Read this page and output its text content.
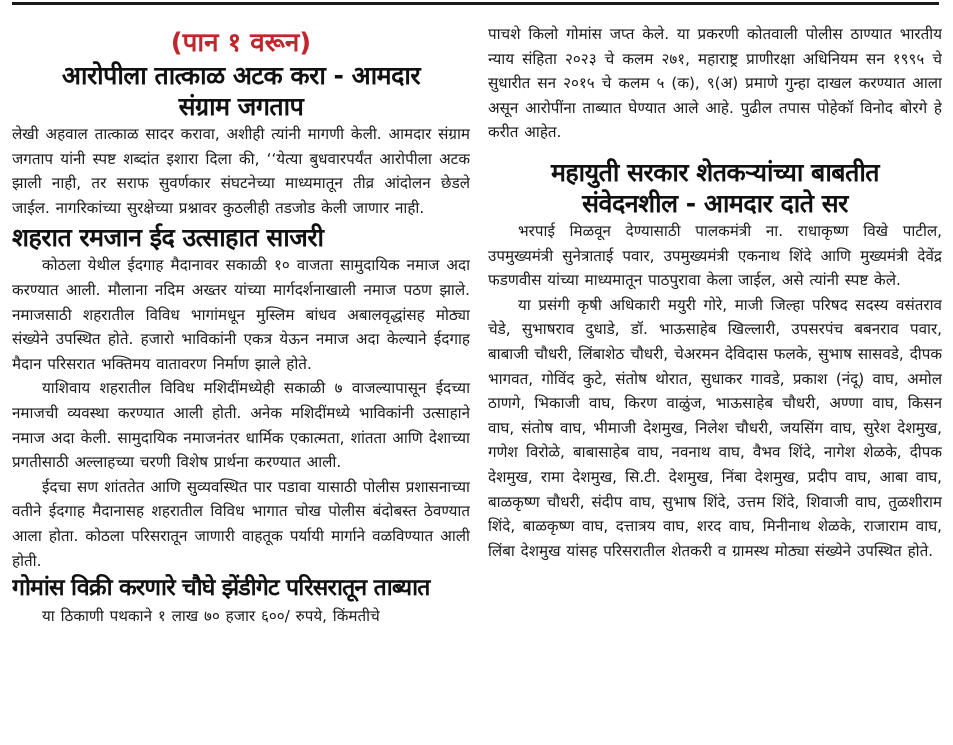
(पान १ वरून)
आरोपीला तात्काळ अटक करा - आमदार
संग्राम जगताप

लेखी अहवाल तात्काळ सादर करावा, अशीही त्यांनी मागणी केली. आमदार संग्राम जगताप यांनी स्पष्ट शब्दांत इशारा दिला की, ‘‘येत्या बुधवारपर्यंत आरोपीला अटक झाली नाही, तर सराफ सुवर्णकार संघटनेच्या माध्यमातून तीव्र आंदोलन छेडले जाईल. नागरिकांच्या सुरक्षेच्या प्रश्नावर कुठलीही तडजोड केली जाणार नाही.

शहरात रमजान ईद उत्साहात साजरी

कोठला येथील ईदगाह मैदानावर सकाळी १० वाजता सामुदायिक नमाज अदा करण्यात आली. मौलाना नदिम अख्तर यांच्या मार्गदर्शनाखाली नमाज पठण झाले. नमाजसाठी शहरातील विविध भागांमधून मुस्लिम बांधव अबालवृद्धांसह मोठ्या संख्येने उपस्थित होते. हजारो भाविकांनी एकत्र येऊन नमाज अदा केल्याने ईदगाह मैदान परिसरात भक्तिमय वातावरण निर्माण झाले होते.

याशिवाय शहरातील विविध मशिदींमध्येही सकाळी ७ वाजल्यापासून ईदच्या नमाजची व्यवस्था करण्यात आली होती. अनेक मशिदींमध्ये भाविकांनी उत्साहाने नमाज अदा केली. सामुदायिक नमाजनंतर धार्मिक एकात्मता, शांतता आणि देशाच्या प्रगतीसाठी अल्लाहच्या चरणी विशेष प्रार्थना करण्यात आली.

ईदचा सण शांततेत आणि सुव्यवस्थित पार पडावा यासाठी पोलीस प्रशासनाच्या वतीने ईदगाह मैदानासह शहरातील विविध भागात चोख पोलीस बंदोबस्त ठेवण्यात आला होता. कोठला परिसरातून जाणारी वाहतूक पर्यायी मार्गाने वळविण्यात आली होती.

गोमांस विक्री करणारे चौघे झेंडीगेट परिसरातून ताब्यात

या ठिकाणी पथकाने १ लाख ७० हजार ६००/ रुपये, किंमतीचे

पाचशे किलो गोमांस जप्त केले. या प्रकरणी कोतवाली पोलीस ठाण्यात भारतीय न्याय संहिता २०२३ चे कलम २७१, महाराष्ट्र प्राणीरक्षा अधिनियम सन १९९५ चे सुधारीत सन २०१५ चे कलम ५ (क), ९(अ) प्रमाणे गुन्हा दाखल करण्यात आला असून आरोपींना ताब्यात घेण्यात आले आहे. पुढील तपास पोहेकॉ विनोद बोरगे हे करीत आहेत.

महायुती सरकार शेतकऱ्यांच्या बाबतीत
संवेदनशील - आमदार दाते सर

भरपाई मिळवून देण्यासाठी पालकमंत्री ना. राधाकृष्ण विखे पाटील, उपमुख्यमंत्री सुनेत्राताई पवार, उपमुख्यमंत्री एकनाथ शिंदे आणि मुख्यमंत्री देवेंद्र फडणवीस यांच्या माध्यमातून पाठपुरावा केला जाईल, असे त्यांनी स्पष्ट केले.

या प्रसंगी कृषी अधिकारी मयुरी गोरे, माजी जिल्हा परिषद सदस्य वसंतराव चेडे, सुभाषराव दुधाडे, डॉ. भाऊसाहेब खिल्लारी, उपसरपंच बबनराव पवार, बाबाजी चौधरी, लिंबाशेठ चौधरी, चेअरमन देविदास फलके, सुभाष सासवडे, दीपक भागवत, गोविंद कुटे, संतोष थोरात, सुधाकर गावडे, प्रकाश (नंदू) वाघ, अमोल ठाणगे, भिकाजी वाघ, किरण वाळुंज, भाऊसाहेब चौधरी, अण्णा वाघ, किसन वाघ, संतोष वाघ, भीमाजी देशमुख, निलेश चौधरी, जयसिंग वाघ, सुरेश देशमुख, गणेश विरोळे, बाबासाहेब वाघ, नवनाथ वाघ, वैभव शिंदे, नागेश शेळके, दीपक देशमुख, रामा देशमुख, सि.टी. देशमुख, निंबा देशमुख, प्रदीप वाघ, आबा वाघ, बाळकृष्ण चौधरी, संदीप वाघ, सुभाष शिंदे, उत्तम शिंदे, शिवाजी वाघ, तुळशीराम शिंदे, बाळकृष्ण वाघ, दत्तात्रय वाघ, शरद वाघ, मिनीनाथ शेळके, राजाराम वाघ, लिंबा देशमुख यांसह परिसरातील शेतकरी व ग्रामस्थ मोठ्या संख्येने उपस्थित होते.
